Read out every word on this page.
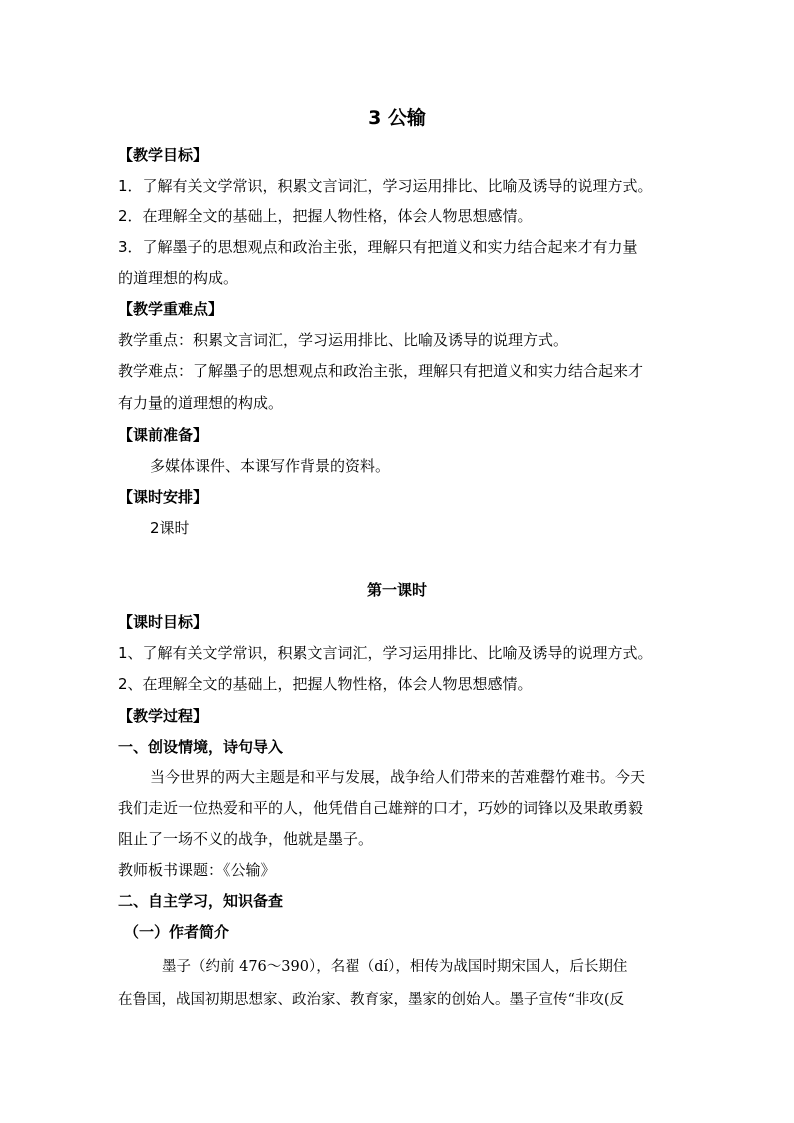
3 公输
【教学目标】
1．了解有关文学常识，积累文言词汇，学习运用排比、比喻及诱导的说理方式。
2．在理解全文的基础上，把握人物性格，体会人物思想感情。
3．了解墨子的思想观点和政治主张，理解只有把道义和实力结合起来才有力量
的道理想的构成。
【教学重难点】
教学重点：积累文言词汇，学习运用排比、比喻及诱导的说理方式。
教学难点：了解墨子的思想观点和政治主张，理解只有把道义和实力结合起来才
有力量的道理想的构成。
【课前准备】
多媒体课件、本课写作背景的资料。
【课时安排】
2课时
第一课时
【课时目标】
1、了解有关文学常识，积累文言词汇，学习运用排比、比喻及诱导的说理方式。
2、在理解全文的基础上，把握人物性格，体会人物思想感情。
【教学过程】
一、创设情境，诗句导入
当今世界的两大主题是和平与发展，战争给人们带来的苦难罄竹难书。今天
我们走近一位热爱和平的人，他凭借自己雄辩的口才，巧妙的词锋以及果敢勇毅
阻止了一场不义的战争，他就是墨子。
教师板书课题：《公输》
二、自主学习，知识备查
（一）作者简介
墨子（约前 476～390），名翟（dí），相传为战国时期宋国人，后长期住
在鲁国，战国初期思想家、政治家、教育家，墨家的创始人。墨子宣传“非攻(反
